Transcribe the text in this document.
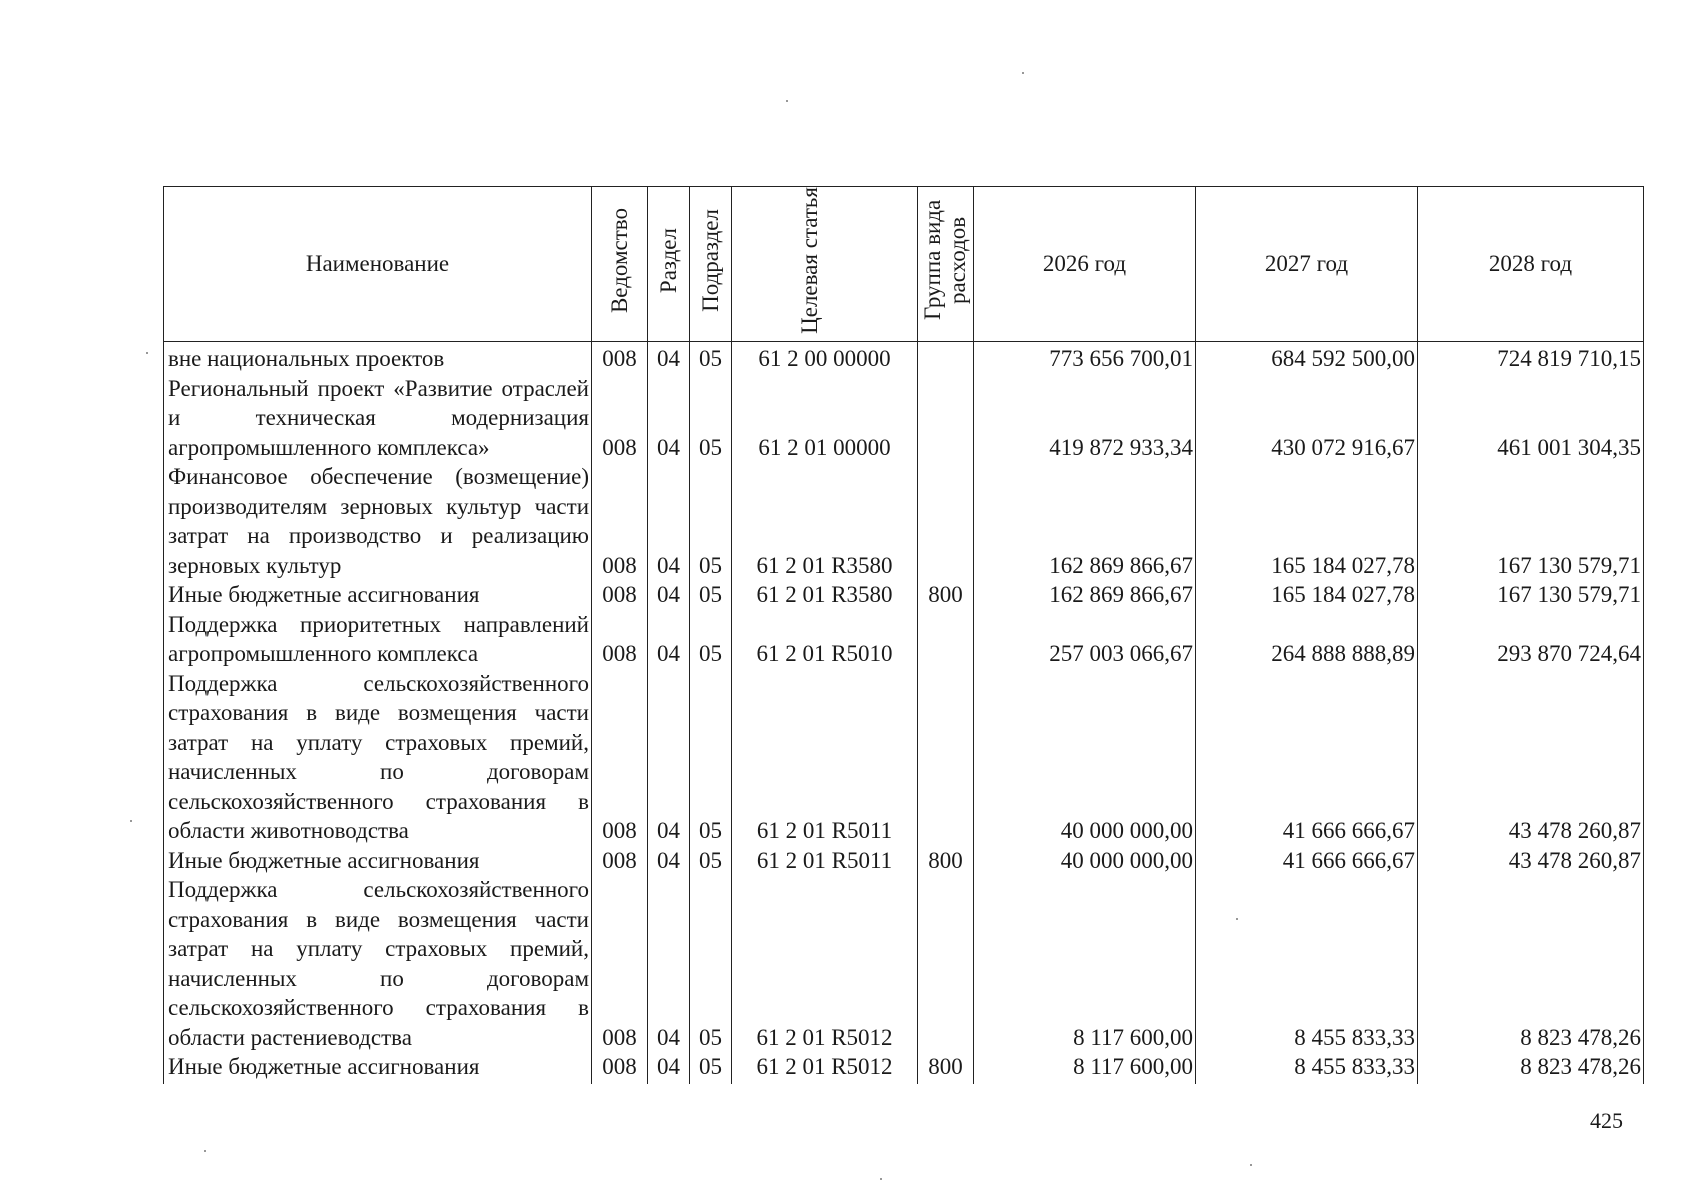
Наименование	Ведомство	Раздел	Подраздел	Целевая статья	Группа вида расходов	2026 год	2027 год	2028 год
вне национальных проектов	008	04	05	61 2 00 00000		773 656 700,01	684 592 500,00	724 819 710,15
Региональный проект «Развитие отраслей и техническая модернизация агропромышленного комплекса»	008	04	05	61 2 01 00000		419 872 933,34	430 072 916,67	461 001 304,35
Финансовое обеспечение (возмещение) производителям зерновых культур части затрат на производство и реализацию зерновых культур	008	04	05	61 2 01 R3580		162 869 866,67	165 184 027,78	167 130 579,71
Иные бюджетные ассигнования	008	04	05	61 2 01 R3580	800	162 869 866,67	165 184 027,78	167 130 579,71
Поддержка приоритетных направлений агропромышленного комплекса	008	04	05	61 2 01 R5010		257 003 066,67	264 888 888,89	293 870 724,64
Поддержка сельскохозяйственного страхования в виде возмещения части затрат на уплату страховых премий, начисленных по договорам сельскохозяйственного страхования в области животноводства	008	04	05	61 2 01 R5011		40 000 000,00	41 666 666,67	43 478 260,87
Иные бюджетные ассигнования	008	04	05	61 2 01 R5011	800	40 000 000,00	41 666 666,67	43 478 260,87
Поддержка сельскохозяйственного страхования в виде возмещения части затрат на уплату страховых премий, начисленных по договорам сельскохозяйственного страхования в области растениеводства	008	04	05	61 2 01 R5012		8 117 600,00	8 455 833,33	8 823 478,26
Иные бюджетные ассигнования	008	04	05	61 2 01 R5012	800	8 117 600,00	8 455 833,33	8 823 478,26
425
